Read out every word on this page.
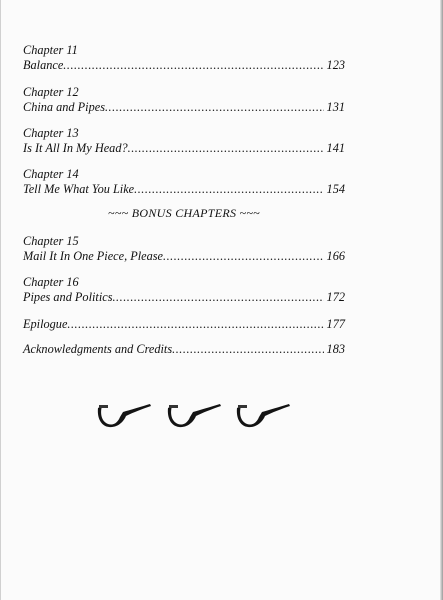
Chapter 11
Balance .....	123
Chapter 12
China and Pipes .....	131
Chapter 13
Is It All In My Head? .....	141
Chapter 14
Tell Me What You Like .....	154
~~~ BONUS CHAPTERS ~~~
Chapter 15
Mail It In One Piece, Please .....	166
Chapter 16
Pipes and Politics .....	172
Epilogue .....	177
Acknowledgments and Credits .....	183
